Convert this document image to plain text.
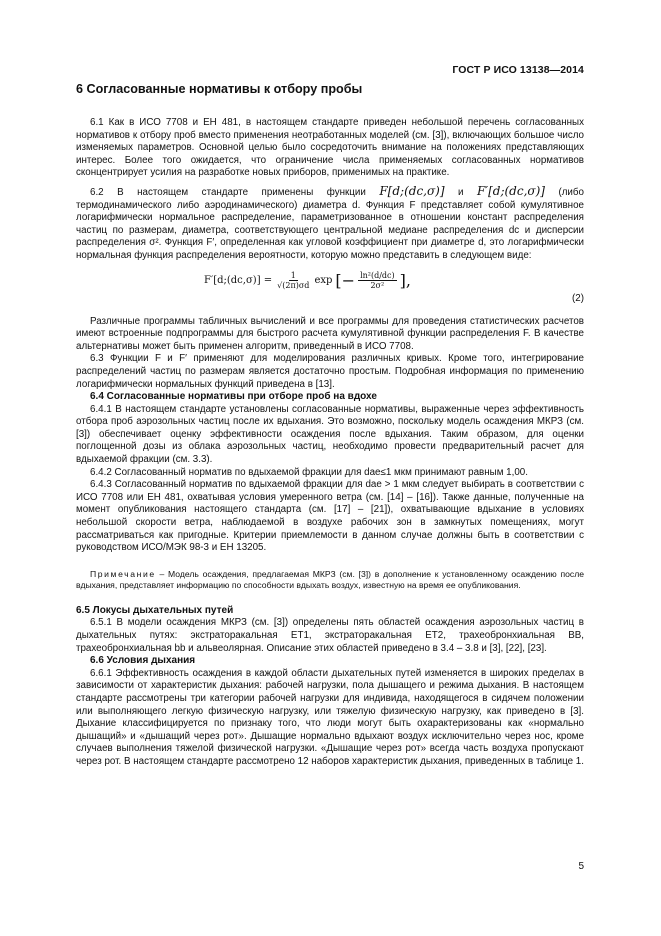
ГОСТ Р ИСО 13138—2014
6 Согласованные нормативы к отбору пробы

6.1 Как в ИСО 7708 и ЕН 481, в настоящем стандарте приведен небольшой перечень согласованных нормативов к отбору проб вместо применения неотработанных моделей (см. [3]), включающих большое число изменяемых параметров. Основной целью было сосредоточить внимание на положениях представляющих интерес. Более того ожидается, что ограничение числа применяемых согласованных нормативов сконцентрирует усилия на разработке новых приборов, применимых на практике.

6.2 В настоящем стандарте применены функции F[d;(dc,σ)] и F′[d;(dc,σ)] (либо термодинамического либо аэродинамического) диаметра d. Функция F представляет собой кумулятивное логарифмически нормальное распределение, параметризованное в отношении констант распределения частиц по размерам, диаметра, соответствующего центральной медиане распределения dc и дисперсии распределения σ². Функция F′, определенная как угловой коэффициент при диаметре d, это логарифмически нормальная функция распределения вероятности, которую можно представить в следующем виде:

F′[d;(dc,σ)] = $\frac{1}{√(2\pi)\sigma d}$ exp [− $\frac{\text{ln²(d/dc)}}{\text{2σ²}}$ ],
(2)

Различные программы табличных вычислений и все программы для проведения статистических расчетов имеют встроенные подпрограммы для быстрого расчета кумулятивной функции распределения F. В качестве альтернативы может быть применен алгоритм, приведенный в ИСО 7708.

6.3 Функции F и F′ применяют для моделирования различных кривых. Кроме того, интегрирование распределений частиц по размерам является достаточно простым. Подробная информация по применению логарифмически нормальных функций приведена в [13].

6.4 Согласованные нормативы при отборе проб на вдохе

6.4.1 В настоящем стандарте установлены согласованные нормативы, выраженные через эффективность отбора проб аэрозольных частиц после их вдыхания. Это возможно, поскольку модель осаждения МКРЗ (см. [3]) обеспечивает оценку эффективности осаждения после вдыхания. Таким образом, для оценки поглощенной дозы из облака аэрозольных частиц, необходимо провести предварительный расчет для вдыхаемой фракции (см. 3.3).

6.4.2 Согласованный норматив по вдыхаемой фракции для dae≤1 мкм принимают равным 1,00.

6.4.3 Согласованный норматив по вдыхаемой фракции для dae > 1 мкм следует выбирать в соответствии с ИСО 7708 или ЕН 481, охватывая условия умеренного ветра (см. [14] – [16]). Также данные, полученные на момент опубликования настоящего стандарта (см. [17] – [21]), охватывающие вдыхание в условиях небольшой скорости ветра, наблюдаемой в воздухе рабочих зон в замкнутых помещениях, могут рассматриваться как пригодные. Критерии приемлемости в данном случае должны быть в соответствии с руководством ИСО/МЭК 98-3 и ЕН 13205.

Примечание – Модель осаждения, предлагаемая МКРЗ (см. [3]) в дополнение к установленному осаждению после вдыхания, представляет информацию по способности вдыхать воздух, известную на время ее опубликования.
6.5 Локусы дыхательных путей

6.5.1 В модели осаждения МКРЗ (см. [3]) определены пять областей осаждения аэрозольных частиц в дыхательных путях: экстраторакальная ET1, экстраторакальная ET2, трахеобронхиальная BB, трахеобронхиальная bb и альвеолярная. Описание этих областей приведено в 3.4 – 3.8 и [3], [22], [23].

6.6 Условия дыхания

6.6.1 Эффективность осаждения в каждой области дыхательных путей изменяется в широких пределах в зависимости от характеристик дыхания: рабочей нагрузки, пола дышащего и режима дыхания. В настоящем стандарте рассмотрены три категории рабочей нагрузки для индивида, находящегося в сидячем положении или выполняющего легкую физическую нагрузку, или тяжелую физическую нагрузку, как приведено в [3]. Дыхание классифицируется по признаку того, что люди могут быть охарактеризованы как «нормально дышащий» и «дышащий через рот». Дышащие нормально вдыхают воздух исключительно через нос, кроме случаев выполнения тяжелой физической нагрузки. «Дышащие через рот» всегда часть воздуха пропускают через рот. В настоящем стандарте рассмотрено 12 наборов характеристик дыхания, приведенных в таблице 1.

5
